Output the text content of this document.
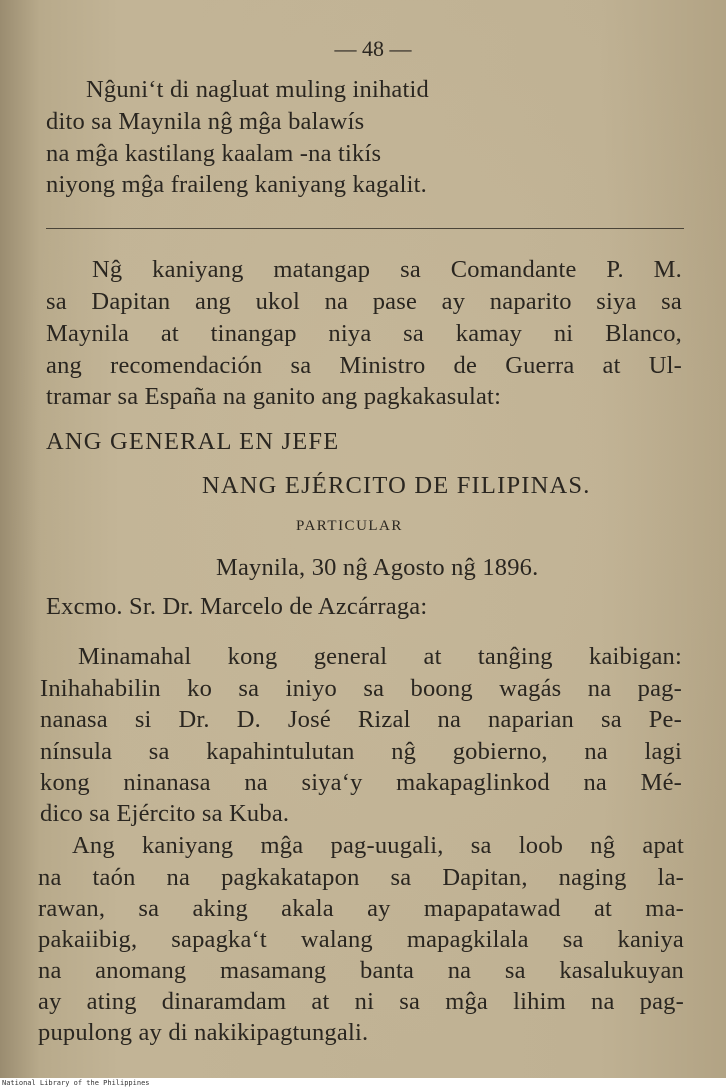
— 48 —
Nĝuni‘t di nagluat muling inihatid
dito sa Maynila nĝ mĝa balawís
na mĝa kastilang kaalam -na tikís
niyong mĝa fraileng kaniyang kagalit.
Nĝ kaniyang matangap sa Comandante P. M.
sa Dapitan ang ukol na pase ay naparito siya sa
Maynila at tinangap niya sa kamay ni Blanco,
ang recomendación sa Ministro de Guerra at Ul-
tramar sa España na ganito ang pagkakasulat:
ANG GENERAL EN JEFE
NANG EJÉRCITO DE FILIPINAS.
PARTICULAR
Maynila, 30 nĝ Agosto nĝ 1896.
Excmo. Sr. Dr. Marcelo de Azcárraga:
Minamahal kong general at tanĝing kaibigan:
Inihahabilin ko sa iniyo sa boong wagás na pag-
nanasa si Dr. D. José Rizal na naparian sa Pe-
nínsula sa kapahintulutan nĝ gobierno, na lagi
kong ninanasa na siya‘y makapaglinkod na Mé-
dico sa Ejército sa Kuba.
Ang kaniyang mĝa pag-uugali, sa loob nĝ apat
na taón na pagkakatapon sa Dapitan, naging la-
rawan, sa aking akala ay mapapatawad at ma-
pakaiibig, sapagka‘t walang mapagkilala sa kaniya
na anomang masamang banta na sa kasalukuyan
ay ating dinaramdam at ni sa mĝa lihim na pag-
pupulong ay di nakikipagtungali.
National Library of the Philippines
